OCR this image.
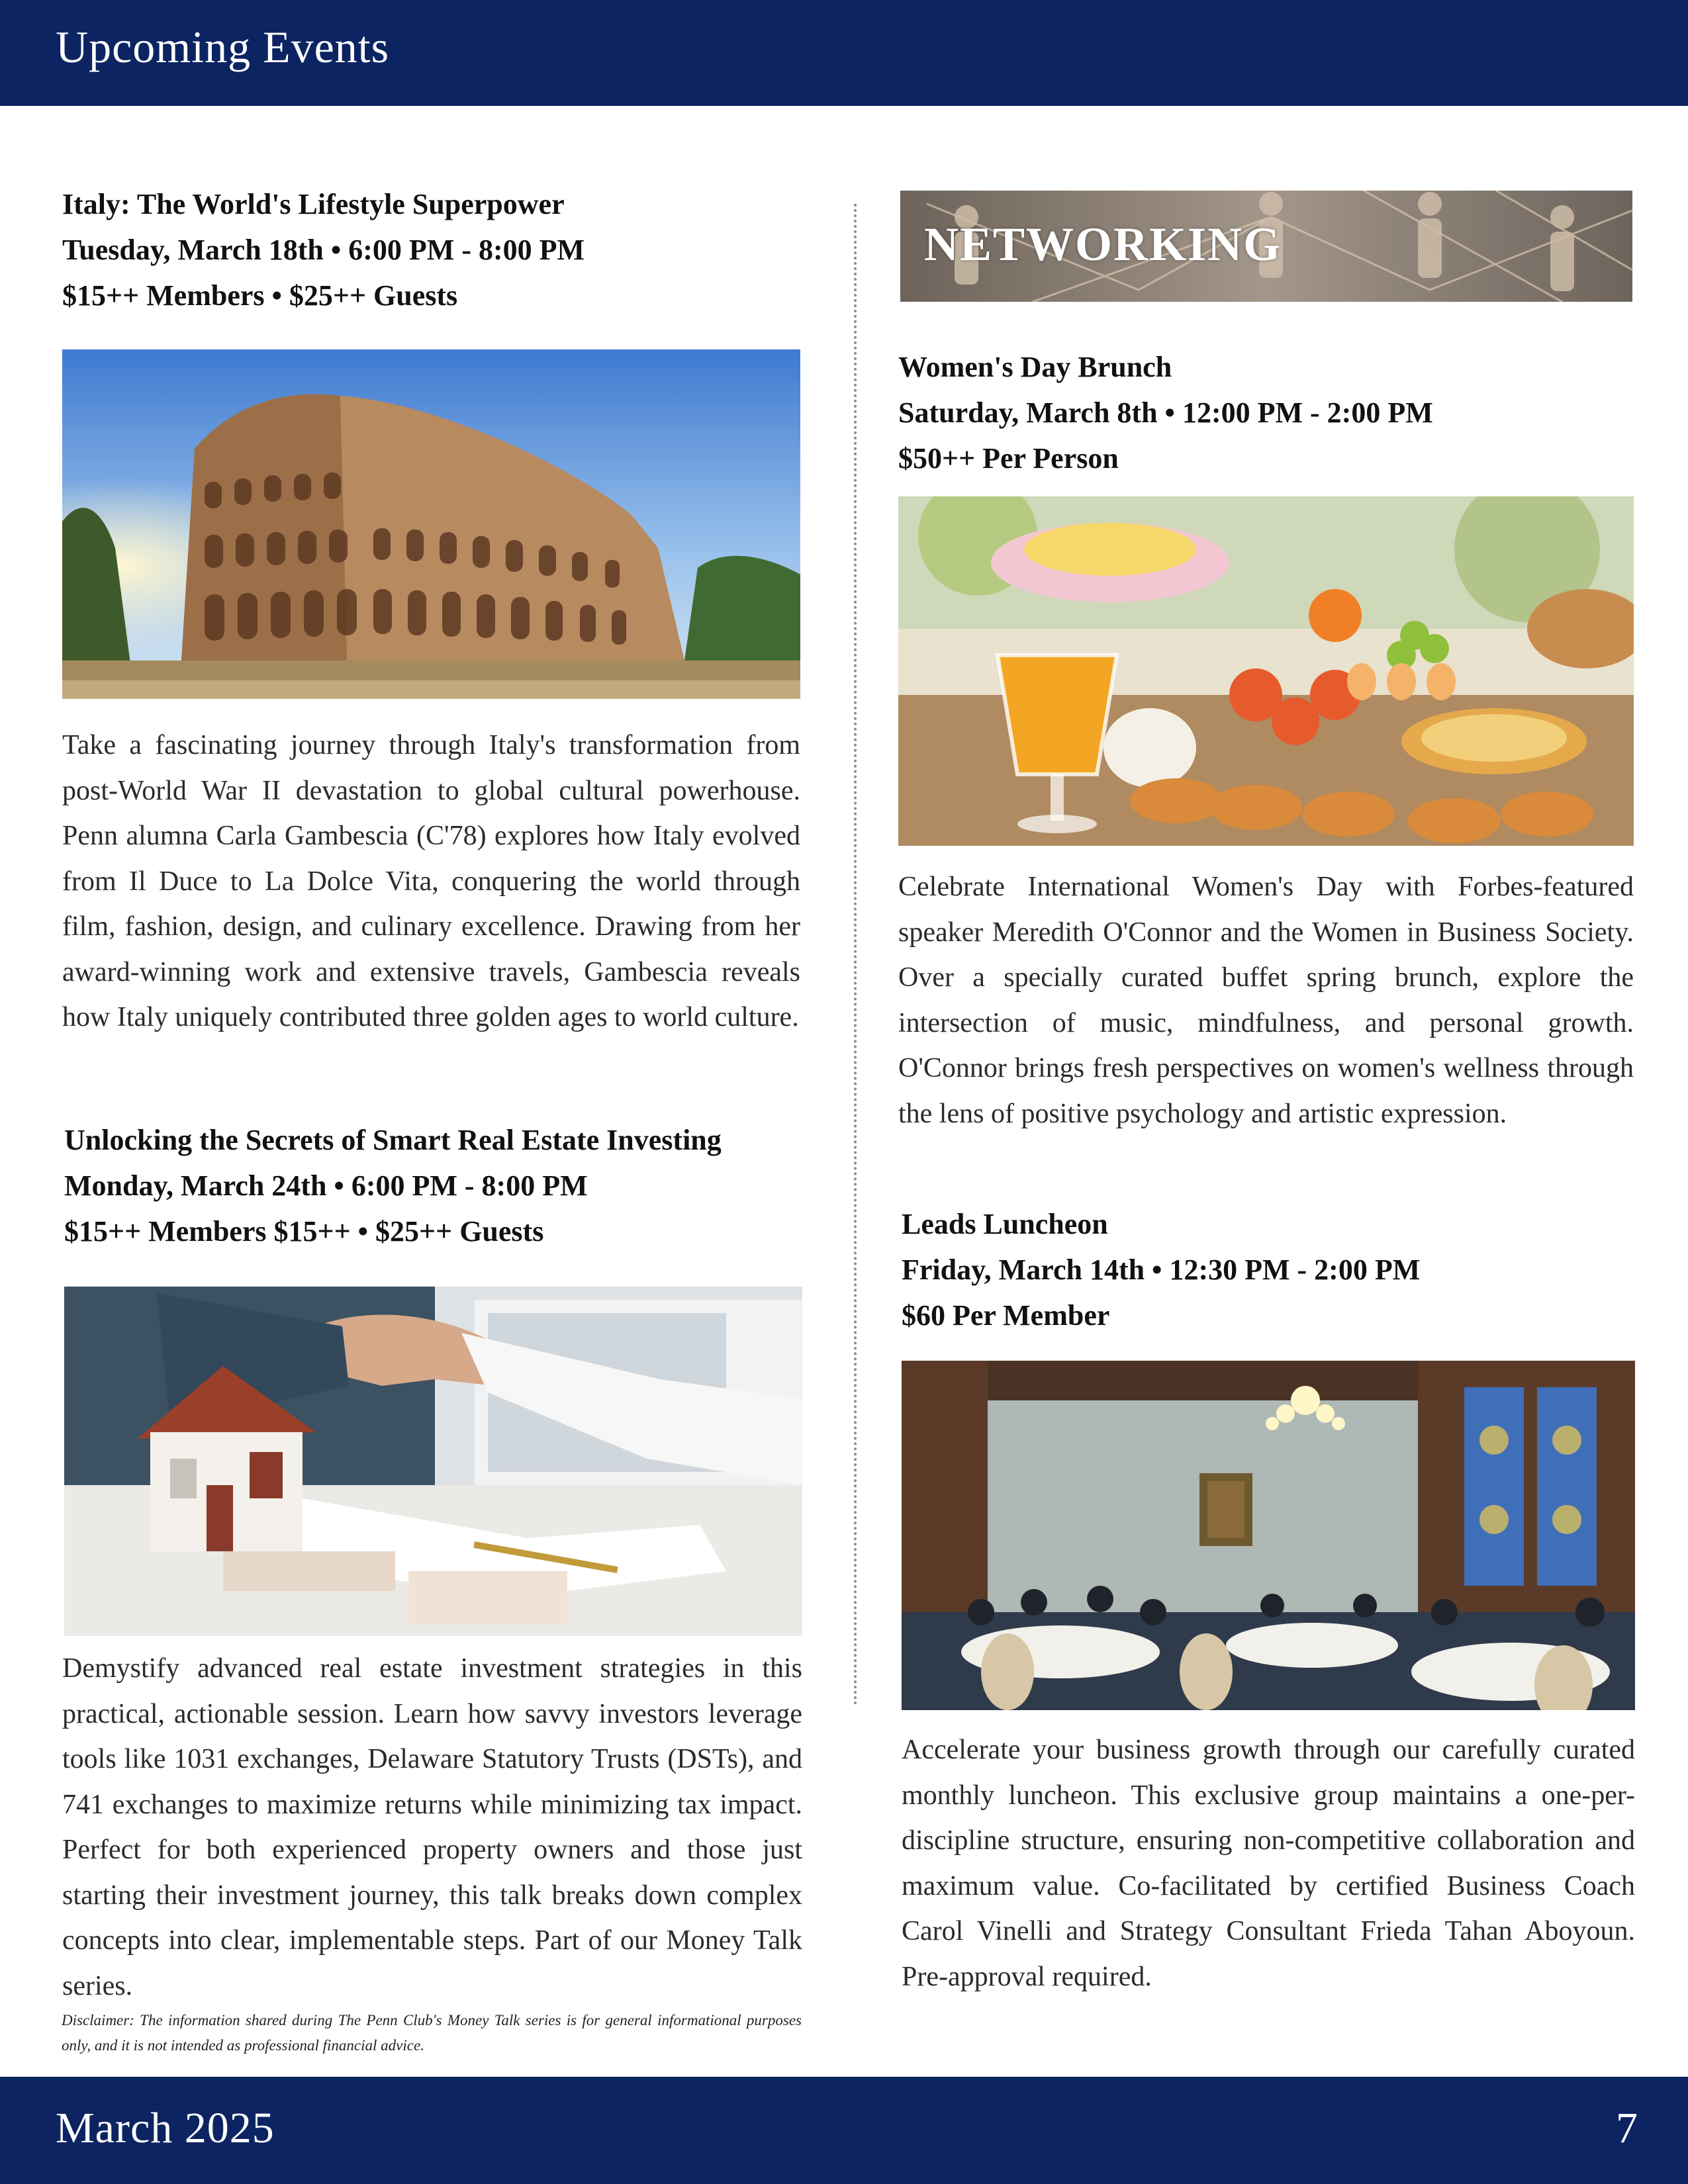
Upcoming Events
Italy: The World's Lifestyle Superpower
Tuesday, March 18th • 6:00 PM - 8:00 PM
$15++ Members • $25++ Guests
Take a fascinating journey through Italy's transformation from post-World War II devastation to global cultural powerhouse. Penn alumna Carla Gambescia (C'78) explores how Italy evolved from Il Duce to La Dolce Vita, conquering the world through film, fashion, design, and culinary excellence. Drawing from her award-winning work and extensive travels, Gambescia reveals how Italy uniquely contributed three golden ages to world culture.
Unlocking the Secrets of Smart Real Estate Investing
Monday, March 24th • 6:00 PM - 8:00 PM
$15++ Members $15++ • $25++ Guests
Demystify advanced real estate investment strategies in this practical, actionable session. Learn how savvy investors leverage tools like 1031 exchanges, Delaware Statutory Trusts (DSTs), and 741 exchanges to maximize returns while minimizing tax impact. Perfect for both experienced property owners and those just starting their investment journey, this talk breaks down complex concepts into clear, implementable steps. Part of our Money Talk series.
Disclaimer: The information shared during The Penn Club's Money Talk series is for general informational purposes only, and it is not intended as professional financial advice.
NETWORKING
Women's Day Brunch
Saturday, March 8th • 12:00 PM - 2:00 PM
$50++ Per Person
Celebrate International Women's Day with Forbes-featured speaker Meredith O'Connor and the Women in Business Society. Over a specially curated buffet spring brunch, explore the intersection of music, mindfulness, and personal growth. O'Connor brings fresh perspectives on women's wellness through the lens of positive psychology and artistic expression.
Leads Luncheon
Friday, March 14th • 12:30 PM - 2:00 PM
$60 Per Member
Accelerate your business growth through our carefully curated monthly luncheon. This exclusive group maintains a one-per-discipline structure, ensuring non-competitive collaboration and maximum value. Co-facilitated by certified Business Coach Carol Vinelli and Strategy Consultant Frieda Tahan Aboyoun. Pre-approval required.
March 2025	7
